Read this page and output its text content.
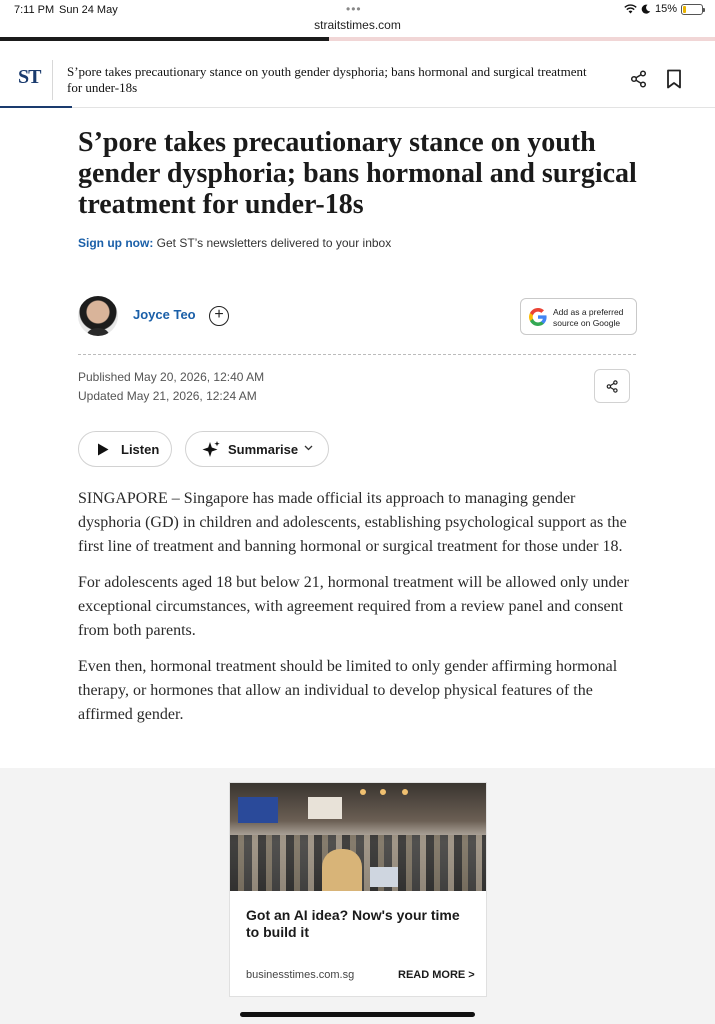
7:11 PM Sun 24 May	•••	15%
straitstimes.com
ST S’pore takes precautionary stance on youth gender dysphoria; bans hormonal and surgical treatment for under-18s
S’pore takes precautionary stance on youth gender dysphoria; bans hormonal and surgical treatment for under-18s
Sign up now: Get ST’s newsletters delivered to your inbox
Joyce Teo	+	Add as a preferred
source on Google
Published May 20, 2026, 12:40 AM
Updated May 21, 2026, 12:24 AM
Listen	Summarise

SINGAPORE – Singapore has made official its approach to managing gender dysphoria (GD) in children and adolescents, establishing psychological support as the first line of treatment and banning hormonal or surgical treatment for those under 18.

For adolescents aged 18 but below 21, hormonal treatment will be allowed only under exceptional circumstances, with agreement required from a review panel and consent from both parents.

Even then, hormonal treatment should be limited to only gender affirming hormonal therapy, or hormones that allow an individual to develop physical features of the affirmed gender.

Got an AI idea? Now's your time to build it
businesstimes.com.sg	READ MORE >
